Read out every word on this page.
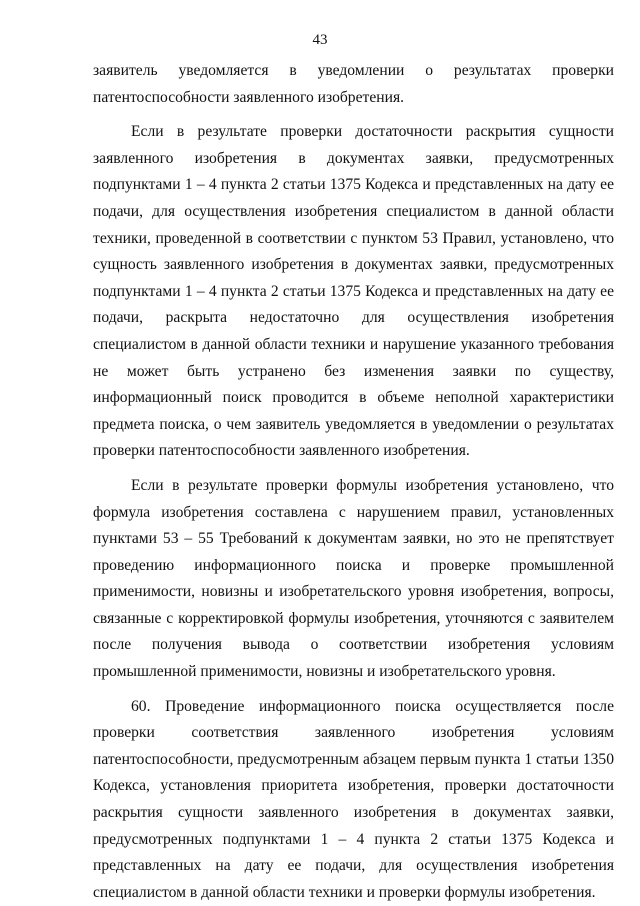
43

заявитель уведомляется в уведомлении о результатах проверки патентоспособности заявленного изобретения.

Если в результате проверки достаточности раскрытия сущности заявленного изобретения в документах заявки, предусмотренных подпунктами 1 – 4 пункта 2 статьи 1375 Кодекса и представленных на дату ее подачи, для осуществления изобретения специалистом в данной области техники, проведенной в соответствии с пунктом 53 Правил, установлено, что сущность заявленного изобретения в документах заявки, предусмотренных подпунктами 1 – 4 пункта 2 статьи 1375 Кодекса и представленных на дату ее подачи, раскрыта недостаточно для осуществления изобретения специалистом в данной области техники и нарушение указанного требования не может быть устранено без изменения заявки по существу, информационный поиск проводится в объеме неполной характеристики предмета поиска, о чем заявитель уведомляется в уведомлении о результатах проверки патентоспособности заявленного изобретения.

Если в результате проверки формулы изобретения установлено, что формула изобретения составлена с нарушением правил, установленных пунктами 53 – 55 Требований к документам заявки, но это не препятствует проведению информационного поиска и проверке промышленной применимости, новизны и изобретательского уровня изобретения, вопросы, связанные с корректировкой формулы изобретения, уточняются с заявителем после получения вывода о соответствии изобретения условиям промышленной применимости, новизны и изобретательского уровня.

60. Проведение информационного поиска осуществляется после проверки соответствия заявленного изобретения условиям патентоспособности, предусмотренным абзацем первым пункта 1 статьи 1350 Кодекса, установления приоритета изобретения, проверки достаточности раскрытия сущности заявленного изобретения в документах заявки, предусмотренных подпунктами 1 – 4 пункта 2 статьи 1375 Кодекса и представленных на дату ее подачи, для осуществления изобретения специалистом в данной области техники и проверки формулы изобретения.
